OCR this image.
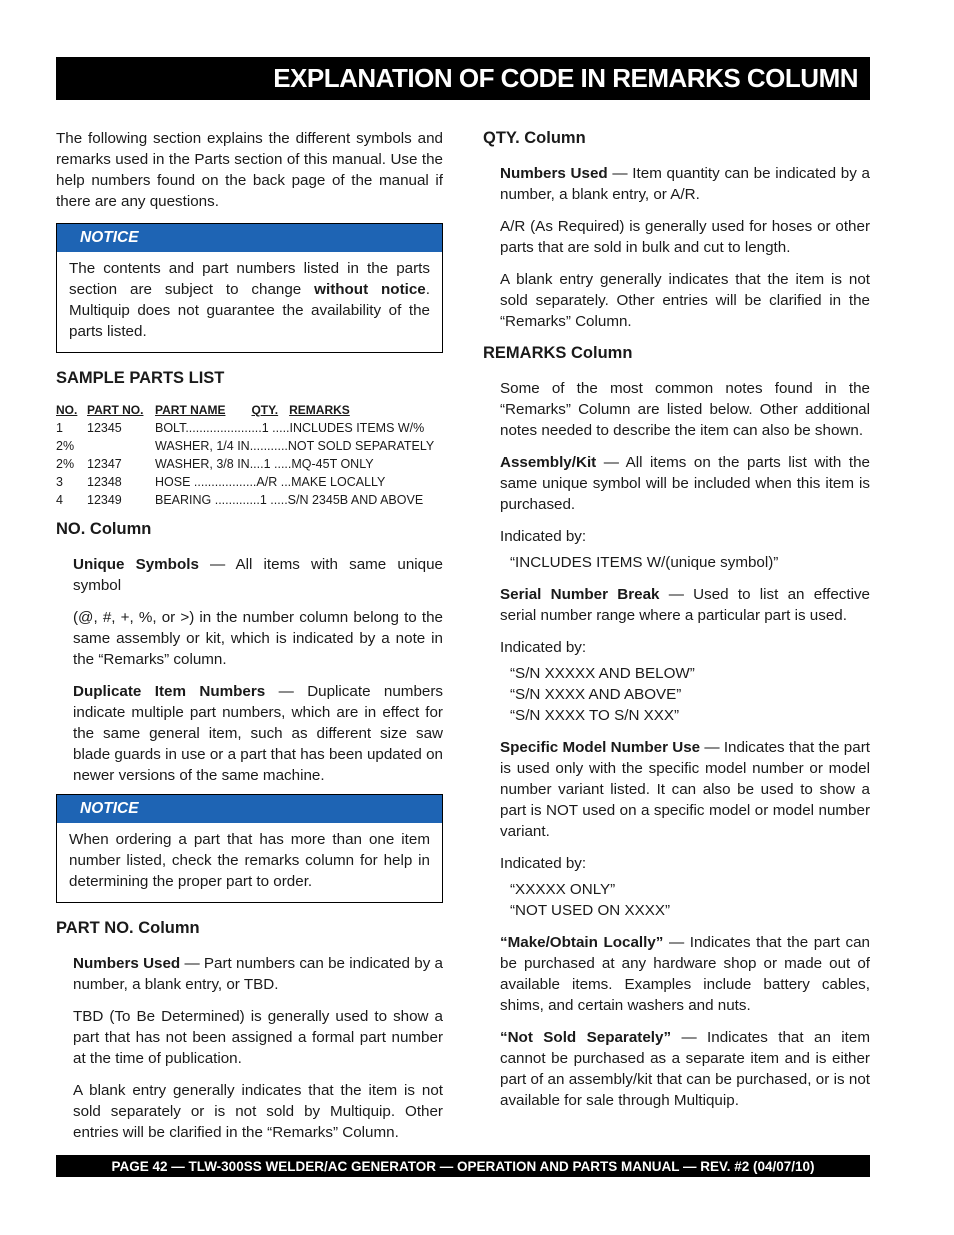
EXPLANATION OF CODE IN REMARKS COLUMN

The following section explains the different symbols and remarks used in the Parts section of this manual. Use the help numbers found on the back page of the manual if there are any questions.

NOTICE

The contents and part numbers listed in the parts section are subject to change without notice. Multiquip does not guarantee the availability of the parts listed.

SAMPLE PARTS LIST
NO.	PART NO.	PART NAME QTY. REMARKS
1	12345	BOLT......................1 .....INCLUDES ITEMS W/%
2%		WASHER, 1/4 IN...........NOT SOLD SEPARATELY
2%	12347	WASHER, 3/8 IN....1 .....MQ-45T ONLY
3	12348	HOSE ..................A/R ...MAKE LOCALLY
4	12349	BEARING .............1 .....S/N 2345B AND ABOVE
NO. Column

Unique Symbols — All items with same unique symbol

(@, #, +, %, or >) in the number column belong to the same assembly or kit, which is indicated by a note in the “Remarks” column.

Duplicate Item Numbers — Duplicate numbers indicate multiple part numbers, which are in effect for the same general item, such as different size saw blade guards in use or a part that has been updated on newer versions of the same machine.

NOTICE

When ordering a part that has more than one item number listed, check the remarks column for help in determining the proper part to order.

PART NO. Column

Numbers Used — Part numbers can be indicated by a number, a blank entry, or TBD.

TBD (To Be Determined) is generally used to show a part that has not been assigned a formal part number at the time of publication.

A blank entry generally indicates that the item is not sold separately or is not sold by Multiquip. Other entries will be clarified in the “Remarks” Column.

QTY. Column

Numbers Used — Item quantity can be indicated by a number, a blank entry, or A/R.

A/R (As Required) is generally used for hoses or other parts that are sold in bulk and cut to length.

A blank entry generally indicates that the item is not sold separately. Other entries will be clarified in the “Remarks” Column.

REMARKS Column

Some of the most common notes found in the “Remarks” Column are listed below. Other additional notes needed to describe the item can also be shown.

Assembly/Kit — All items on the parts list with the same unique symbol will be included when this item is purchased.

Indicated by:

“INCLUDES ITEMS W/(unique symbol)”

Serial Number Break — Used to list an effective serial number range where a particular part is used.

Indicated by:

“S/N XXXXX AND BELOW”
“S/N XXXX AND ABOVE”
“S/N XXXX TO S/N XXX”

Specific Model Number Use — Indicates that the part is used only with the specific model number or model number variant listed. It can also be used to show a part is NOT used on a specific model or model number variant.

Indicated by:

“XXXXX ONLY”
“NOT USED ON XXXX”

“Make/Obtain Locally” — Indicates that the part can be purchased at any hardware shop or made out of available items. Examples include battery cables, shims, and certain washers and nuts.

“Not Sold Separately” — Indicates that an item cannot be purchased as a separate item and is either part of an assembly/kit that can be purchased, or is not available for sale through Multiquip.

PAGE 42 — TLW-300SS WELDER/AC GENERATOR — OPERATION AND PARTS MANUAL — REV. #2 (04/07/10)
